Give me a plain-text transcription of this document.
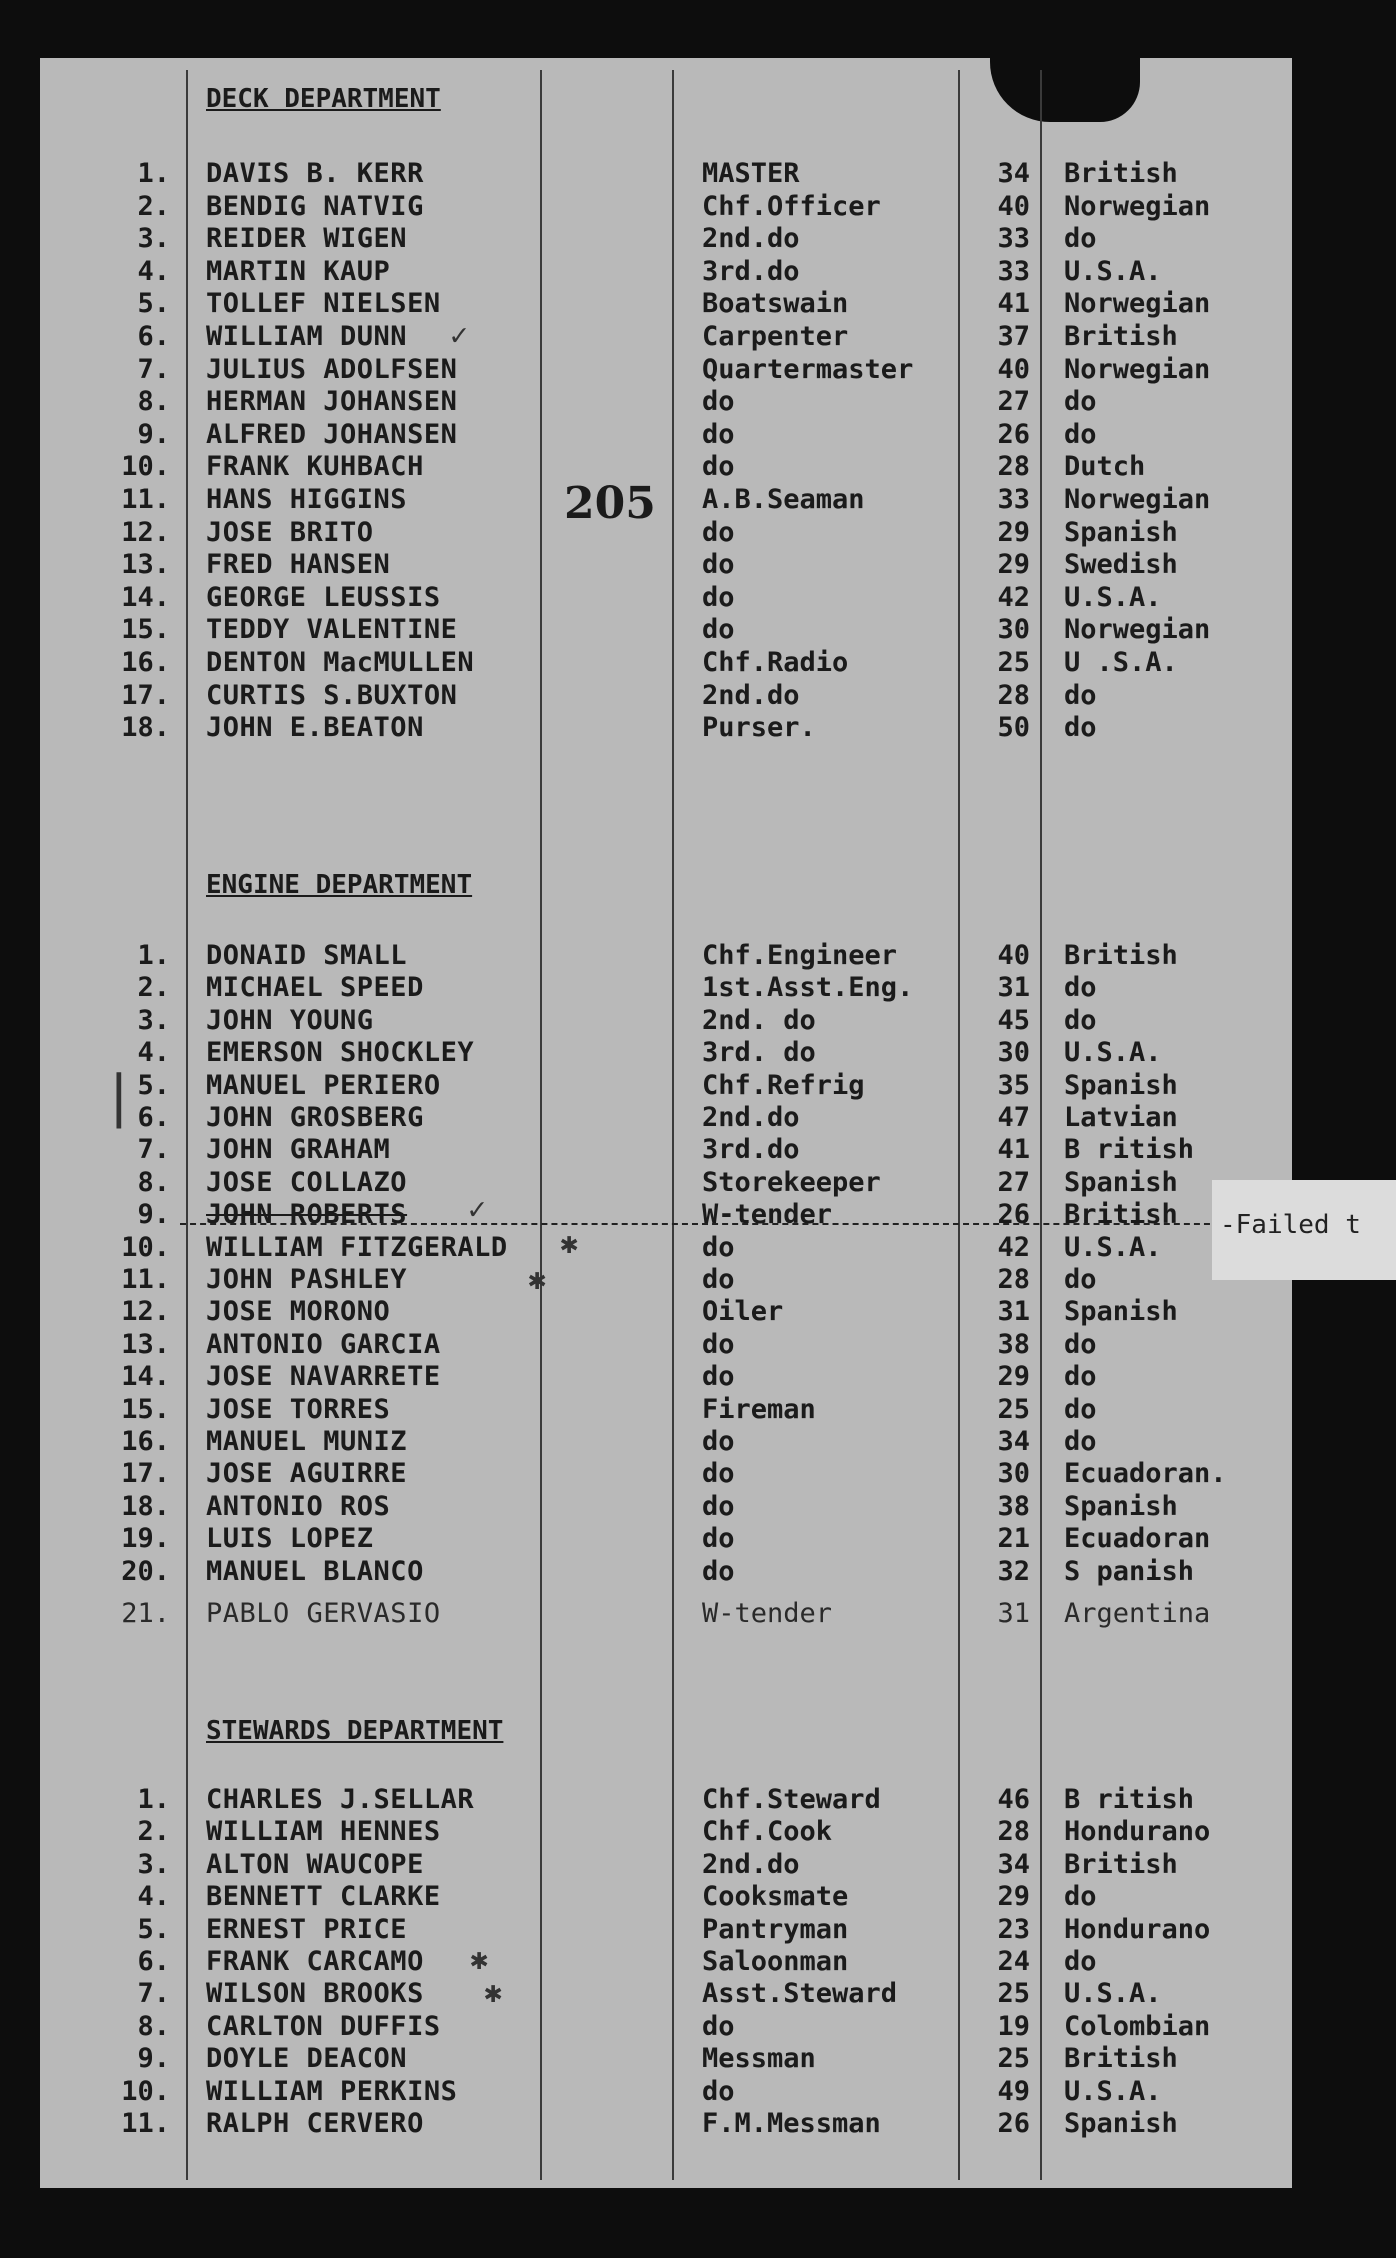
205
DECK DEPARTMENT
1. DAVIS B. KERR	MASTER	34 British
2. BENDIG NATVIG	Chf.Officer	40 Norwegian
3. REIDER WIGEN	2nd.do	33 do
4. MARTIN KAUP	3rd.do	33 U.S.A.
5. TOLLEF NIELSEN	Boatswain	41 Norwegian
6. WILLIAM DUNN	Carpenter	37 British
7. JULIUS ADOLFSEN	Quartermaster	40 Norwegian
8. HERMAN JOHANSEN	do	27 do
9. ALFRED JOHANSEN	do	26 do
10. FRANK KUHBACH	do	28 Dutch
11. HANS HIGGINS	A.B.Seaman	33 Norwegian
12. JOSE BRITO	do	29 Spanish
13. FRED HANSEN	do	29 Swedish
14. GEORGE LEUSSIS	do	42 U.S.A.
15. TEDDY VALENTINE	do	30 Norwegian
16. DENTON MacMULLEN	Chf.Radio	25 U .S.A.
17. CURTIS S.BUXTON	2nd.do	28 do
18. JOHN E.BEATON	Purser.	50 do
ENGINE DEPARTMENT
1. DONAID SMALL	Chf.Engineer	40 British
2. MICHAEL SPEED	1st.Asst.Eng.	31 do
3. JOHN YOUNG	2nd. do	45 do
4. EMERSON SHOCKLEY	3rd. do	30 U.S.A.
5. MANUEL PERIERO	Chf.Refrig	35 Spanish
6. JOHN GROSBERG	2nd.do	47 Latvian
7. JOHN GRAHAM	3rd.do	41 B ritish
8. JOSE COLLAZO	Storekeeper	27 Spanish
9. JOHN ROBERTS	W-tender	26 British
10. WILLIAM FITZGERALD	do	42 U.S.A.
11. JOHN PASHLEY	do	28 do
12. JOSE MORONO	Oiler	31 Spanish
13. ANTONIO GARCIA	do	38 do
14. JOSE NAVARRETE	do	29 do
15. JOSE TORRES	Fireman	25 do
16. MANUEL MUNIZ	do	34 do
17. JOSE AGUIRRE	do	30 Ecuadoran.
18. ANTONIO ROS	do	38 Spanish
19. LUIS LOPEZ	do	21 Ecuadoran
20. MANUEL BLANCO	do	32 S panish
21. PABLO GERVASIO	W-tender	31 Argentina
STEWARDS DEPARTMENT
1. CHARLES J.SELLAR	Chf.Steward	46 B ritish
2. WILLIAM HENNES	Chf.Cook	28 Hondurano
3. ALTON WAUCOPE	2nd.do	34 British
4. BENNETT CLARKE	Cooksmate	29 do
5. ERNEST PRICE	Pantryman	23 Hondurano
6. FRANK CARCAMO	Saloonman	24 do
7. WILSON BROOKS	Asst.Steward	25 U.S.A.
8. CARLTON DUFFIS	do	19 Colombian
9. DOYLE DEACON	Messman	25 British
10. WILLIAM PERKINS	do	49 U.S.A.
11. RALPH CERVERO	F.M.Messman	26 Spanish
-Failed t
✓
✓
✱
✱
✱
✱
|
